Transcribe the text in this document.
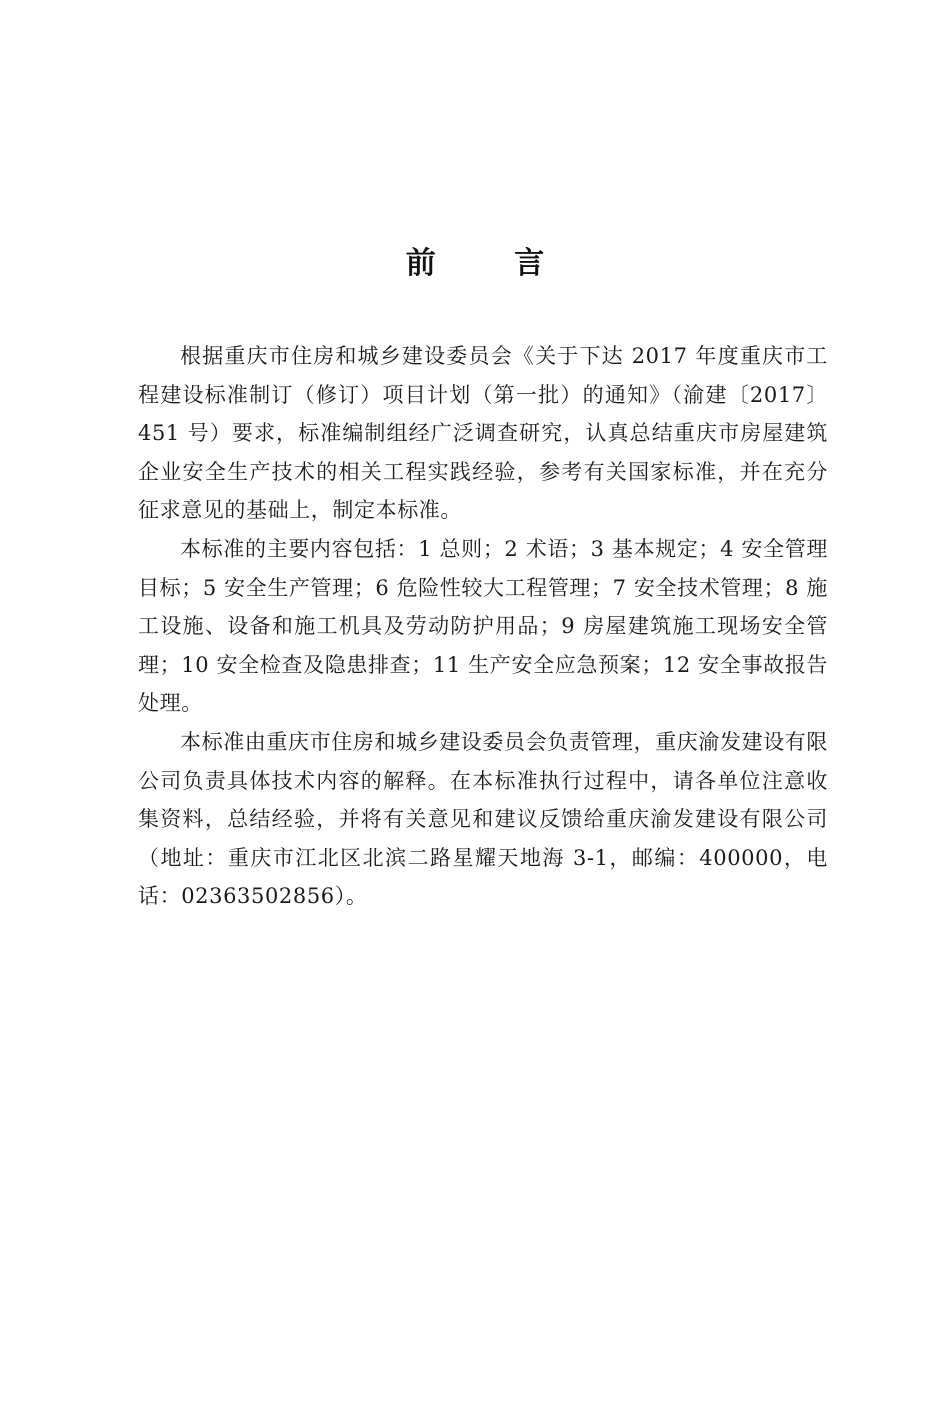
前 言

根据重庆市住房和城乡建设委员会《关于下达 2017 年度重庆市工程建设标准制订（修订）项目计划（第一批）的通知》（渝建〔2017〕451 号）要求，标准编制组经广泛调查研究，认真总结重庆市房屋建筑企业安全生产技术的相关工程实践经验，参考有关国家标准，并在充分征求意见的基础上，制定本标准。

本标准的主要内容包括：1 总则；2 术语；3 基本规定；4 安全管理目标；5 安全生产管理；6 危险性较大工程管理；7 安全技术管理；8 施工设施、设备和施工机具及劳动防护用品；9 房屋建筑施工现场安全管理；10 安全检查及隐患排查；11 生产安全应急预案；12 安全事故报告处理。

本标准由重庆市住房和城乡建设委员会负责管理，重庆渝发建设有限公司负责具体技术内容的解释。在本标准执行过程中，请各单位注意收集资料，总结经验，并将有关意见和建议反馈给重庆渝发建设有限公司（地址：重庆市江北区北滨二路星耀天地海 3-1，邮编：400000，电话：02363502856）。
